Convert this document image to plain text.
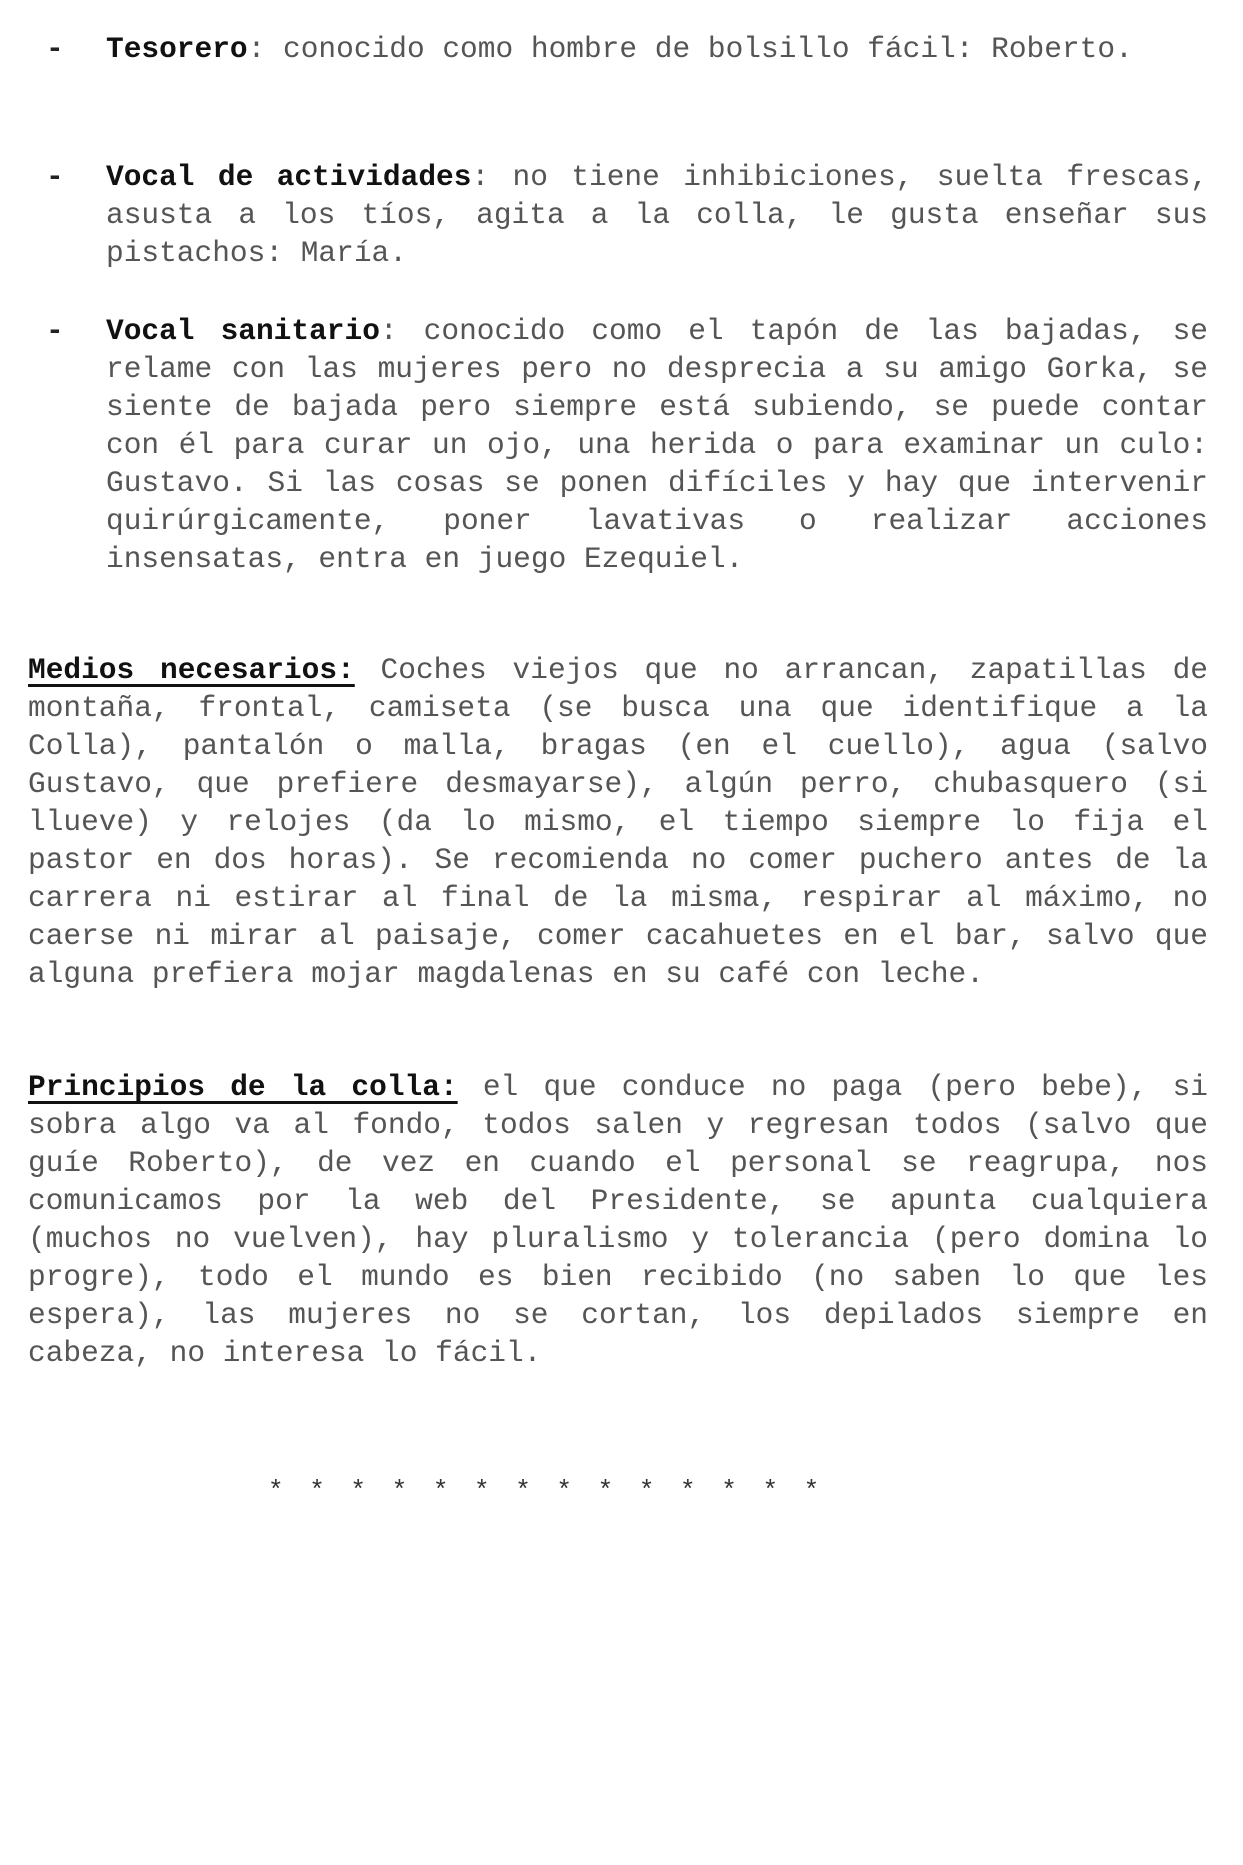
-	Tesorero: conocido como hombre de bolsillo fácil: Roberto.
-	Vocal de actividades: no tiene inhibiciones, suelta frescas, asusta a los tíos, agita a la colla, le gusta enseñar sus pistachos: María.
-	Vocal sanitario: conocido como el tapón de las bajadas, se relame con las mujeres pero no desprecia a su amigo Gorka, se siente de bajada pero siempre está subiendo, se puede contar con él para curar un ojo, una herida o para examinar un culo: Gustavo. Si las cosas se ponen difíciles y hay que intervenir quirúrgicamente, poner lavativas o realizar acciones insensatas, entra en juego Ezequiel.
Medios necesarios: Coches viejos que no arrancan, zapatillas de montaña, frontal, camiseta (se busca una que identifique a la Colla), pantalón o malla, bragas (en el cuello), agua (salvo Gustavo, que prefiere desmayarse), algún perro, chubasquero (si llueve) y relojes (da lo mismo, el tiempo siempre lo fija el pastor en dos horas). Se recomienda no comer puchero antes de la carrera ni estirar al final de la misma, respirar al máximo, no caerse ni mirar al paisaje, comer cacahuetes en el bar, salvo que alguna prefiera mojar magdalenas en su café con leche.
Principios de la colla: el que conduce no paga (pero bebe), si sobra algo va al fondo, todos salen y regresan todos (salvo que guíe Roberto), de vez en cuando el personal se reagrupa, nos comunicamos por la web del Presidente, se apunta cualquiera (muchos no vuelven), hay pluralismo y tolerancia (pero domina lo progre), todo el mundo es bien recibido (no saben lo que les espera), las mujeres no se cortan, los depilados siempre en cabeza, no interesa lo fácil.
* * * * * * * * * * * * * *
